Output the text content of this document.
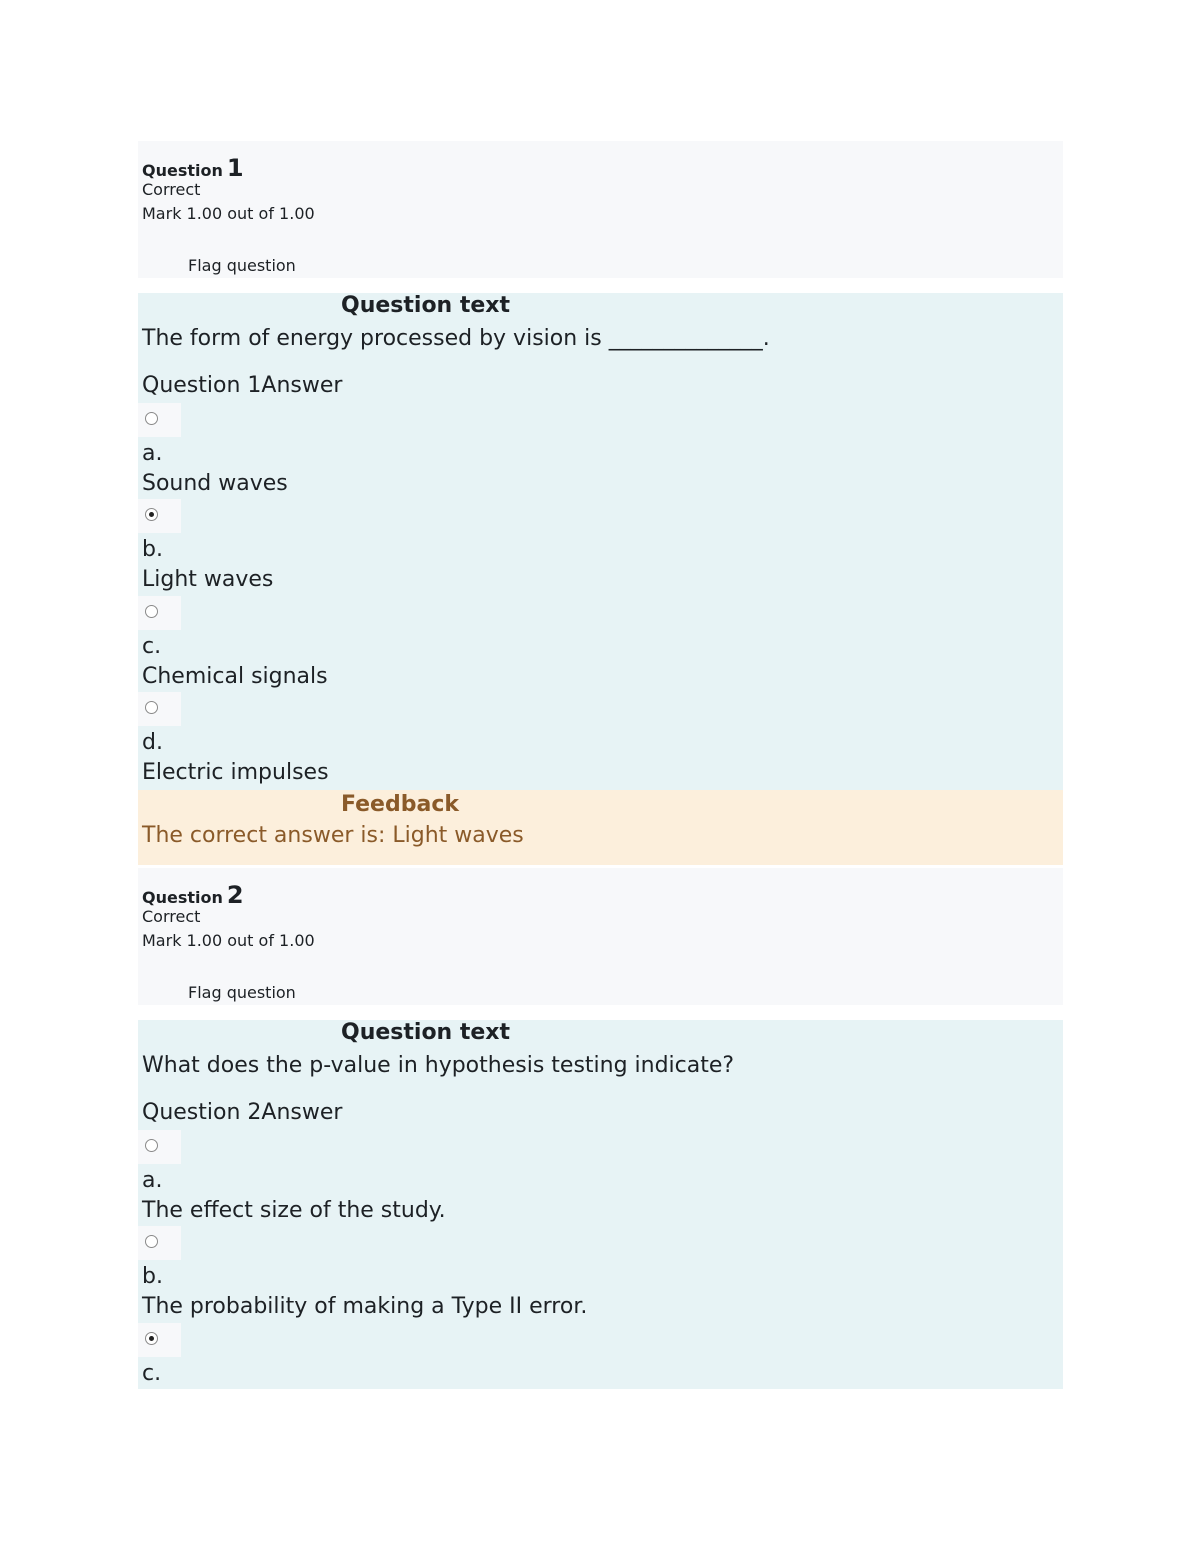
Question 1
Correct
Mark 1.00 out of 1.00
Flag question
Question text
The form of energy processed by vision is ______________.
Question 1Answer
a.
Sound waves
b.
Light waves
c.
Chemical signals
d.
Electric impulses
Feedback
The correct answer is: Light waves
Question 2
Correct
Mark 1.00 out of 1.00
Flag question
Question text
What does the p-value in hypothesis testing indicate?
Question 2Answer
a.
The effect size of the study.
b.
The probability of making a Type II error.
c.
